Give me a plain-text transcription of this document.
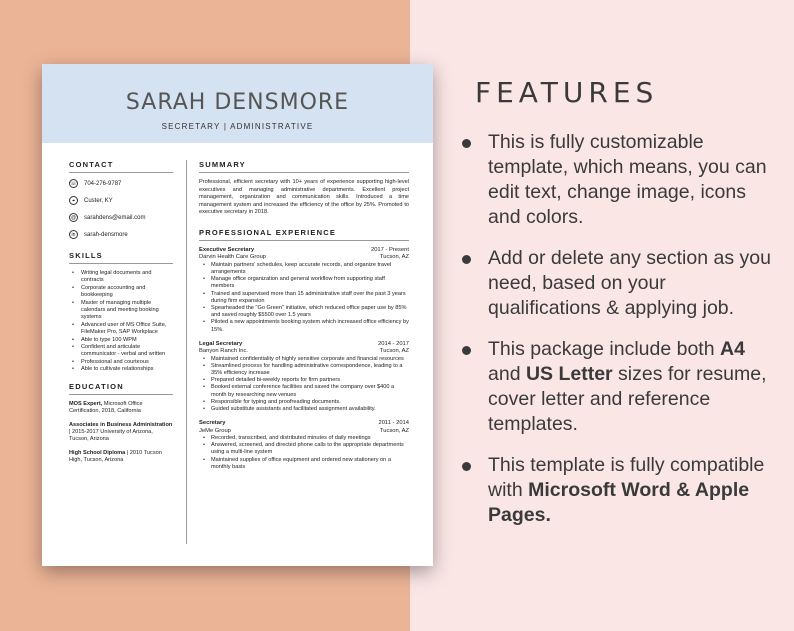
SARAH DENSMORE
SECRETARY | ADMINISTRATIVE
CONTACT
☏ 704-276-9787
⌖	Custer, KY
@	sarahdens@email.com
in	sarah-densmore
SKILLS
• Writing legal documents and contracts
• Corporate accounting and bookkeeping
• Master of managing multiple calendars and meeting booking systems
• Advanced user of MS Office Suite, FileMaker Pro, SAP Workplace
• Able to type 100 WPM
• Confident and articulate communicator - verbal and written
• Professional and courteous
• Able to cultivate relationships
EDUCATION
MOS Expert, Microsoft Office Certification, 2018, California
Associates in Business Administration | 2015-2017 University of Arizona, Tucson, Arizona
High School Diploma | 2010 Tucson High, Tucson, Arizona
SUMMARY
Professional, efficient secretary with 10+ years of experience supporting high-level executives and managing administrative departments. Excellent project management, organization and communication skills. Introduced a time management system and increased the efficiency of the office by 25%. Promoted to executive secretary in 2018.
PROFESSIONAL EXPERIENCE
Executive Secretary	2017 - Present
Darvin Health Care Group	Tucson, AZ
• Maintain partners' schedules, keep accurate records, and organize travel arrangements
• Manage office organization and general workflow from supporting staff members
• Trained and supervised more than 15 administrative staff over the past 3 years during firm expansion
• Spearheaded the "Go Green" initiative, which reduced office paper use by 85% and saved roughly $5500 over 1.5 years
• Piloted a new appointments booking system which increased office efficiency by 15%.
Legal Secretary	2014 - 2017
Banyon Ranch Inc.	Tucson, AZ
• Maintained confidentiality of highly sensitive corporate and financial resources
• Streamlined process for handling administrative correspondence, leading to a 35% efficiency increase
• Prepared detailed bi-weekly reports for firm partners
• Booked external conference facilities and saved the company over $400 a month by researching new venues
• Responsible for typing and proofreading documents.
• Guided substitute assistants and facilitated assignment availability.
Secretary	2011 - 2014
JeMe Group	Tucson, AZ
• Recorded, transcribed, and distributed minutes of daily meetings
• Answered, screened, and directed phone calls to the appropriate departments using a multi-line system
• Maintained supplies of office equipment and ordered new stationery on a monthly basis
FEATURES
This is fully customizable template, which means, you can edit text, change image, icons and colors.
Add or delete any section as you need, based on your qualifications & applying job.
This package include both A4 and US Letter sizes for resume, cover letter and reference templates.
This template is fully compatible with Microsoft Word & Apple Pages.
